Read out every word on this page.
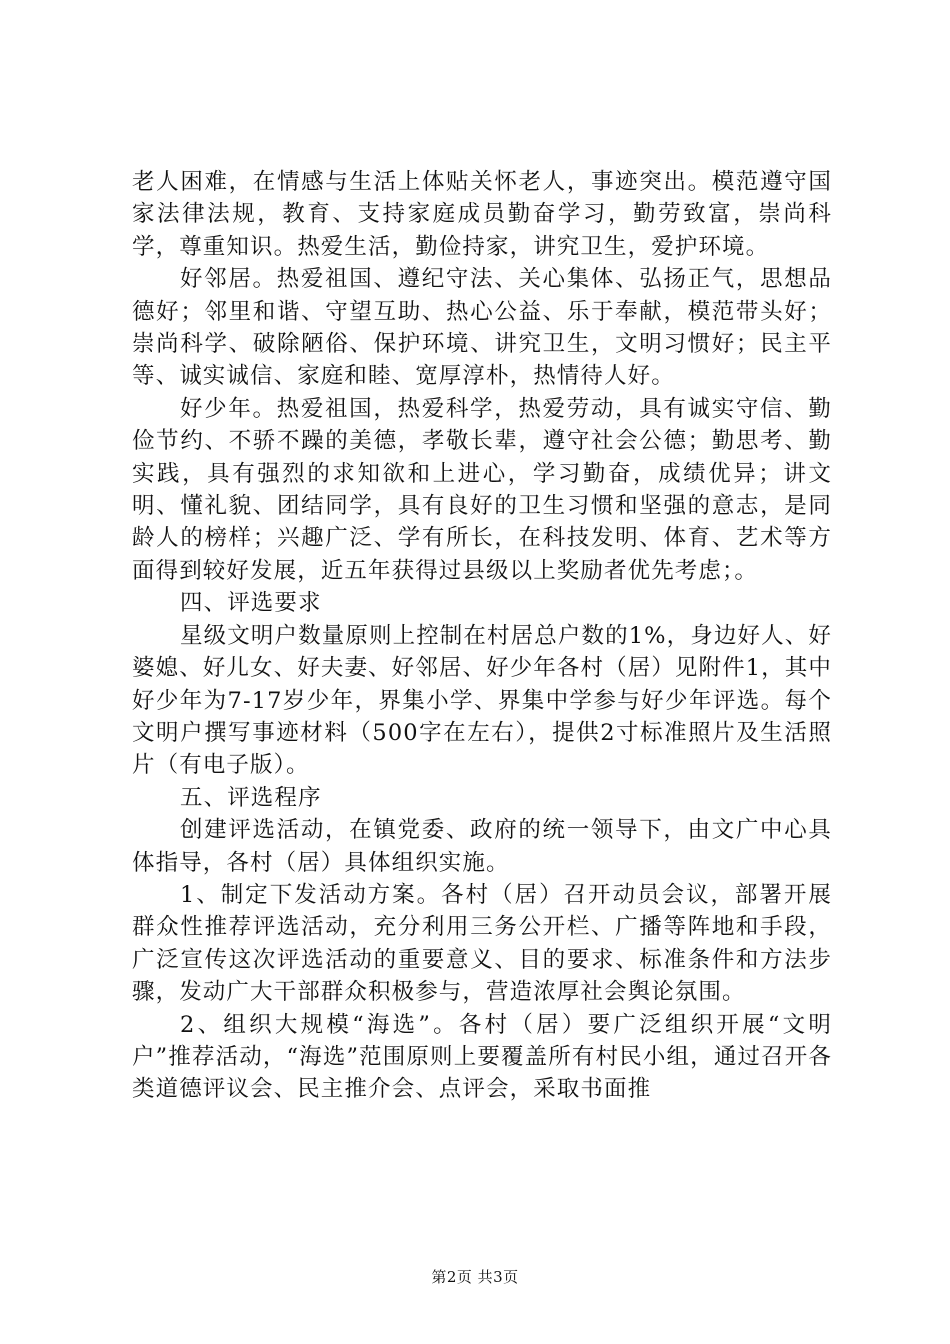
老人困难，在情感与生活上体贴关怀老人，事迹突出。模范遵守国家法律法规，教育、支持家庭成员勤奋学习，勤劳致富，崇尚科学，尊重知识。热爱生活，勤俭持家，讲究卫生，爱护环境。

好邻居。热爱祖国、遵纪守法、关心集体、弘扬正气，思想品德好；邻里和谐、守望互助、热心公益、乐于奉献，模范带头好；崇尚科学、破除陋俗、保护环境、讲究卫生，文明习惯好；民主平等、诚实诚信、家庭和睦、宽厚淳朴，热情待人好。

好少年。热爱祖国，热爱科学，热爱劳动，具有诚实守信、勤俭节约、不骄不躁的美德，孝敬长辈，遵守社会公德；勤思考、勤实践，具有强烈的求知欲和上进心，学习勤奋，成绩优异；讲文明、懂礼貌、团结同学，具有良好的卫生习惯和坚强的意志，是同龄人的榜样；兴趣广泛、学有所长，在科技发明、体育、艺术等方面得到较好发展，近五年获得过县级以上奖励者优先考虑；。

四、评选要求

星级文明户数量原则上控制在村居总户数的1%，身边好人、好婆媳、好儿女、好夫妻、好邻居、好少年各村（居）见附件1，其中好少年为7-17岁少年，界集小学、界集中学参与好少年评选。每个文明户撰写事迹材料（500字在左右），提供2寸标准照片及生活照片（有电子版）。

五、评选程序

创建评选活动，在镇党委、政府的统一领导下，由文广中心具体指导，各村（居）具体组织实施。

1、制定下发活动方案。各村（居）召开动员会议，部署开展群众性推荐评选活动，充分利用三务公开栏、广播等阵地和手段，广泛宣传这次评选活动的重要意义、目的要求、标准条件和方法步骤，发动广大干部群众积极参与，营造浓厚社会舆论氛围。

2、组织大规模“海选”。各村（居）要广泛组织开展“文明户”推荐活动，“海选”范围原则上要覆盖所有村民小组，通过召开各类道德评议会、民主推介会、点评会，采取书面推

第2页 共3页
